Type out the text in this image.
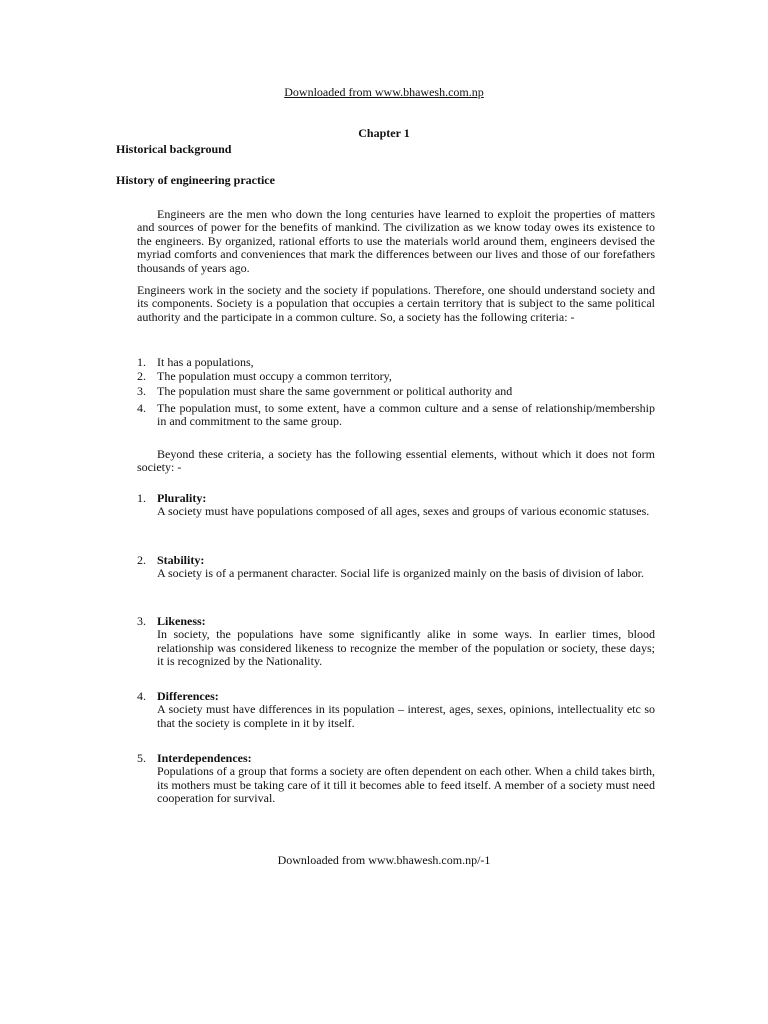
Downloaded from www.bhawesh.com.np
Chapter 1
Historical background
History of engineering practice
Engineers are the men who down the long centuries have learned to exploit the properties of matters and sources of power for the benefits of mankind. The civilization as we know today owes its existence to the engineers. By organized, rational efforts to use the materials world around them, engineers devised the myriad comforts and conveniences that mark the differences between our lives and those of our forefathers thousands of years ago.
Engineers work in the society and the society if populations. Therefore, one should understand society and its components. Society is a population that occupies a certain territory that is subject to the same political authority and the participate in a common culture. So, a society has the following criteria: -
1. It has a populations,
2. The population must occupy a common territory,
3. The population must share the same government or political authority and
4. The population must, to some extent, have a common culture and a sense of relationship/membership in and commitment to the same group.
Beyond these criteria, a society has the following essential elements, without which it does not form society: -
1. Plurality:
A society must have populations composed of all ages, sexes and groups of various economic statuses.
2. Stability:
A society is of a permanent character. Social life is organized mainly on the basis of division of labor.
3. Likeness:
In society, the populations have some significantly alike in some ways. In earlier times, blood relationship was considered likeness to recognize the member of the population or society, these days; it is recognized by the Nationality.
4. Differences:
A society must have differences in its population – interest, ages, sexes, opinions, intellectuality etc so that the society is complete in it by itself.
5. Interdependences:
Populations of a group that forms a society are often dependent on each other. When a child takes birth, its mothers must be taking care of it till it becomes able to feed itself. A member of a society must need cooperation for survival.
Downloaded from www.bhawesh.com.np/-1
